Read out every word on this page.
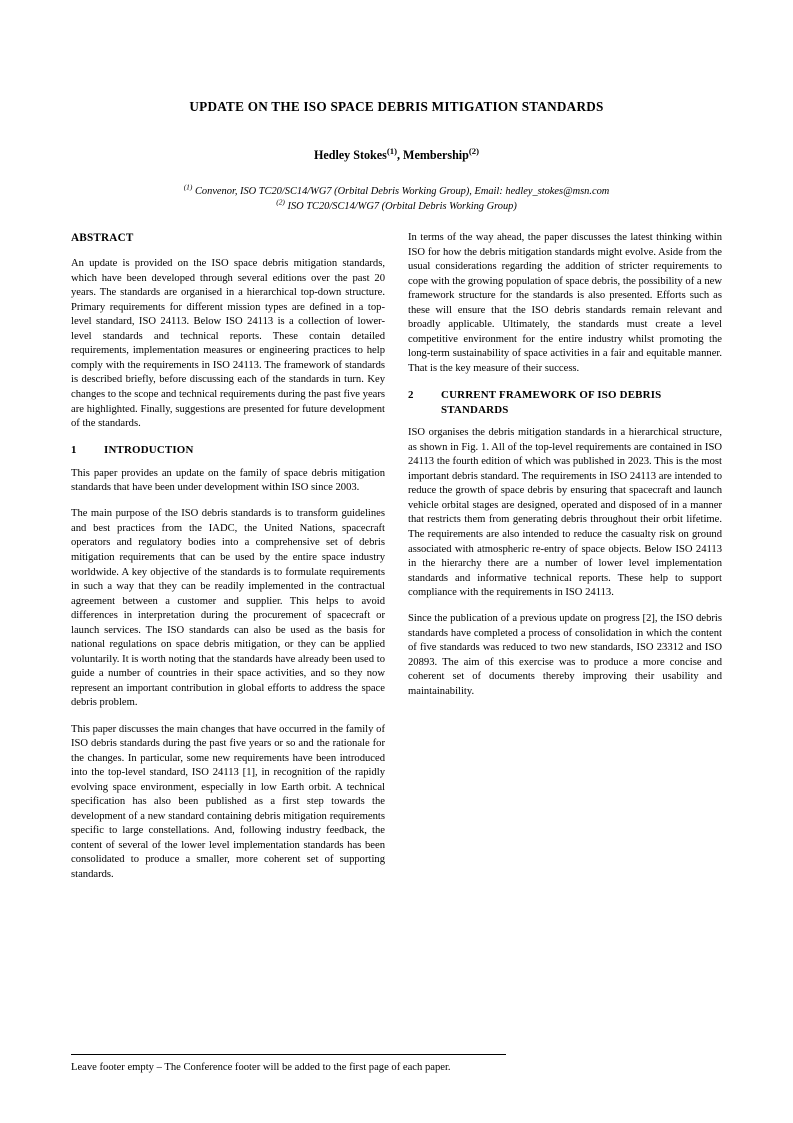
UPDATE ON THE ISO SPACE DEBRIS MITIGATION STANDARDS
Hedley Stokes$^{(1)}$, Membership$^{(2)}$
$^{(1)}$ Convenor, ISO TC20/SC14/WG7 (Orbital Debris Working Group), Email: hedley_stokes@msn.com
$^{(2)}$ ISO TC20/SC14/WG7 (Orbital Debris Working Group)
ABSTRACT

An update is provided on the ISO space debris mitigation standards, which have been developed through several editions over the past 20 years. The standards are organised in a hierarchical top-down structure. Primary requirements for different mission types are defined in a top-level standard, ISO 24113. Below ISO 24113 is a collection of lower-level standards and technical reports. These contain detailed requirements, implementation measures or engineering practices to help comply with the requirements in ISO 24113. The framework of standards is described briefly, before discussing each of the standards in turn. Key changes to the scope and technical requirements during the past five years are highlighted. Finally, suggestions are presented for future development of the standards.

1	INTRODUCTION

This paper provides an update on the family of space debris mitigation standards that have been under development within ISO since 2003.

The main purpose of the ISO debris standards is to transform guidelines and best practices from the IADC, the United Nations, spacecraft operators and regulatory bodies into a comprehensive set of debris mitigation requirements that can be used by the entire space industry worldwide. A key objective of the standards is to formulate requirements in such a way that they can be readily implemented in the contractual agreement between a customer and supplier. This helps to avoid differences in interpretation during the procurement of spacecraft or launch services. The ISO standards can also be used as the basis for national regulations on space debris mitigation, or they can be applied voluntarily. It is worth noting that the standards have already been used to guide a number of countries in their space activities, and so they now represent an important contribution in global efforts to address the space debris problem.

This paper discusses the main changes that have occurred in the family of ISO debris standards during the past five years or so and the rationale for the changes. In particular, some new requirements have been introduced into the top-level standard, ISO 24113 [1], in recognition of the rapidly evolving space environment, especially in low Earth orbit. A technical specification has also been published as a first step towards the development of a new standard containing debris mitigation requirements specific to large constellations. And, following industry feedback, the content of several of the lower level implementation standards has been consolidated to produce a smaller, more coherent set of supporting standards.

In terms of the way ahead, the paper discusses the latest thinking within ISO for how the debris mitigation standards might evolve. Aside from the usual considerations regarding the addition of stricter requirements to cope with the growing population of space debris, the possibility of a new framework structure for the standards is also presented. Efforts such as these will ensure that the ISO debris standards remain relevant and broadly applicable. Ultimately, the standards must create a level competitive environment for the entire industry whilst promoting the long-term sustainability of space activities in a fair and equitable manner. That is the key measure of their success.

2	CURRENT FRAMEWORK OF ISO DEBRIS STANDARDS

ISO organises the debris mitigation standards in a hierarchical structure, as shown in Fig. 1. All of the top-level requirements are contained in ISO 24113 the fourth edition of which was published in 2023. This is the most important debris standard. The requirements in ISO 24113 are intended to reduce the growth of space debris by ensuring that spacecraft and launch vehicle orbital stages are designed, operated and disposed of in a manner that restricts them from generating debris throughout their orbit lifetime. The requirements are also intended to reduce the casualty risk on ground associated with atmospheric re-entry of space objects. Below ISO 24113 in the hierarchy there are a number of lower level implementation standards and informative technical reports. These help to support compliance with the requirements in ISO 24113.

Since the publication of a previous update on progress [2], the ISO debris standards have completed a process of consolidation in which the content of five standards was reduced to two new standards, ISO 23312 and ISO 20893. The aim of this exercise was to produce a more concise and coherent set of documents thereby improving their usability and maintainability.

Leave footer empty – The Conference footer will be added to the first page of each paper.
